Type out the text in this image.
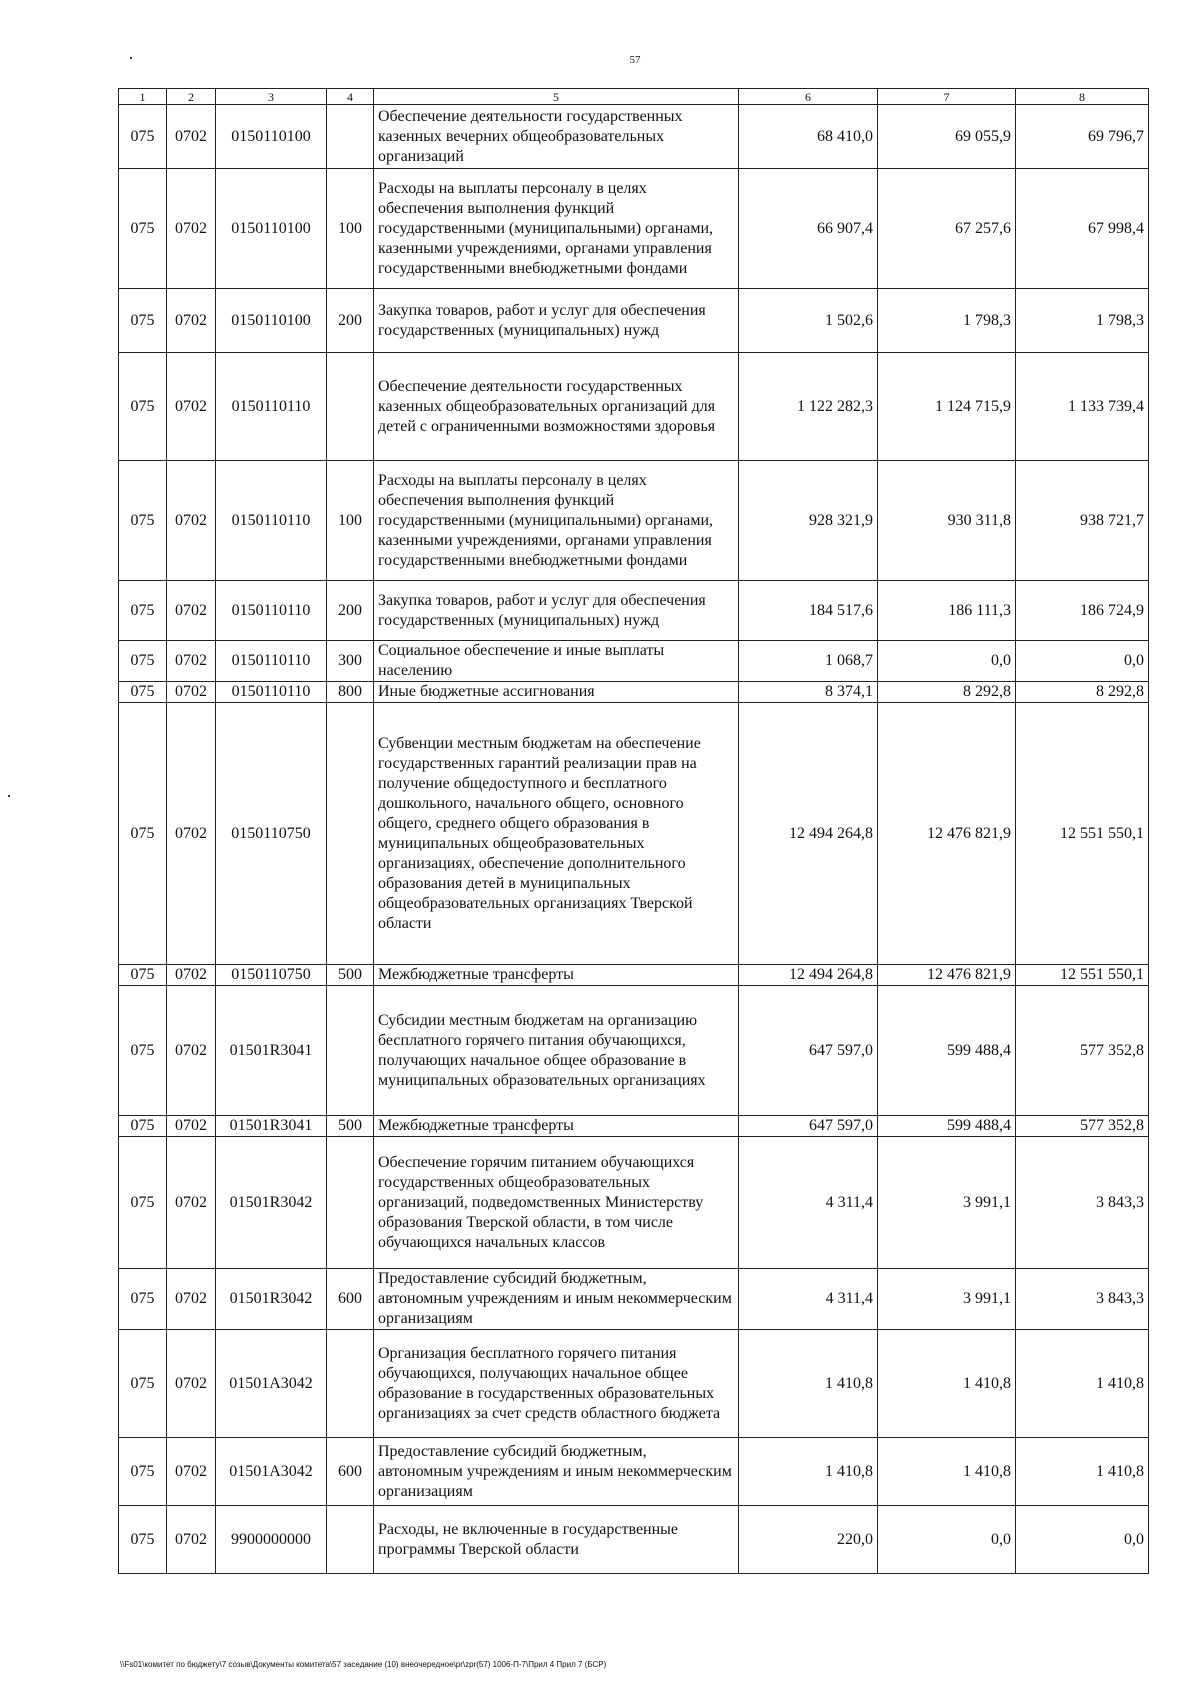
57
1	2	3	4	5	6	7	8
075	0702	0150110100		Обеспечение деятельности государственных казенных вечерних общеобразовательных организаций	68 410,0	69 055,9	69 796,7
075	0702	0150110100	100	Расходы на выплаты персоналу в целях обеспечения выполнения функций государственными (муниципальными) органами, казенными учреждениями, органами управления государственными внебюджетными фондами	66 907,4	67 257,6	67 998,4
075	0702	0150110100	200	Закупка товаров, работ и услуг для обеспечения государственных (муниципальных) нужд	1 502,6	1 798,3	1 798,3
075	0702	0150110110		Обеспечение деятельности государственных казенных общеобразовательных организаций для детей с ограниченными возможностями здоровья	1 122 282,3	1 124 715,9	1 133 739,4
075	0702	0150110110	100	Расходы на выплаты персоналу в целях обеспечения выполнения функций государственными (муниципальными) органами, казенными учреждениями, органами управления государственными внебюджетными фондами	928 321,9	930 311,8	938 721,7
075	0702	0150110110	200	Закупка товаров, работ и услуг для обеспечения государственных (муниципальных) нужд	184 517,6	186 111,3	186 724,9
075	0702	0150110110	300	Социальное обеспечение и иные выплаты населению	1 068,7	0,0	0,0
075	0702	0150110110	800	Иные бюджетные ассигнования	8 374,1	8 292,8	8 292,8
075	0702	0150110750		Субвенции местным бюджетам на обеспечение государственных гарантий реализации прав на получение общедоступного и бесплатного дошкольного, начального общего, основного общего, среднего общего образования в муниципальных общеобразовательных организациях, обеспечение дополнительного образования детей в муниципальных общеобразовательных организациях Тверской области	12 494 264,8	12 476 821,9	12 551 550,1
075	0702	0150110750	500	Межбюджетные трансферты	12 494 264,8	12 476 821,9	12 551 550,1
075	0702	01501R3041		Субсидии местным бюджетам на организацию бесплатного горячего питания обучающихся, получающих начальное общее образование в муниципальных образовательных организациях	647 597,0	599 488,4	577 352,8
075	0702	01501R3041	500	Межбюджетные трансферты	647 597,0	599 488,4	577 352,8
075	0702	01501R3042		Обеспечение горячим питанием обучающихся государственных общеобразовательных организаций, подведомственных Министерству образования Тверской области, в том числе обучающихся начальных классов	4 311,4	3 991,1	3 843,3
075	0702	01501R3042	600	Предоставление субсидий бюджетным, автономным учреждениям и иным некоммерческим организациям	4 311,4	3 991,1	3 843,3
075	0702	01501A3042		Организация бесплатного горячего питания обучающихся, получающих начальное общее образование в государственных образовательных организациях за счет средств областного бюджета	1 410,8	1 410,8	1 410,8
075	0702	01501A3042	600	Предоставление субсидий бюджетным, автономным учреждениям и иным некоммерческим организациям	1 410,8	1 410,8	1 410,8
075	0702	9900000000		Расходы, не включенные в государственные программы Тверской области	220,0	0,0	0,0
\\Fs01\комитет по бюджету\7 созыв\Документы комитета\57 заседание (10) внеочередное\pr\zpr(57) 1006-П-7\Прил 4 Прил 7 (БСР)
